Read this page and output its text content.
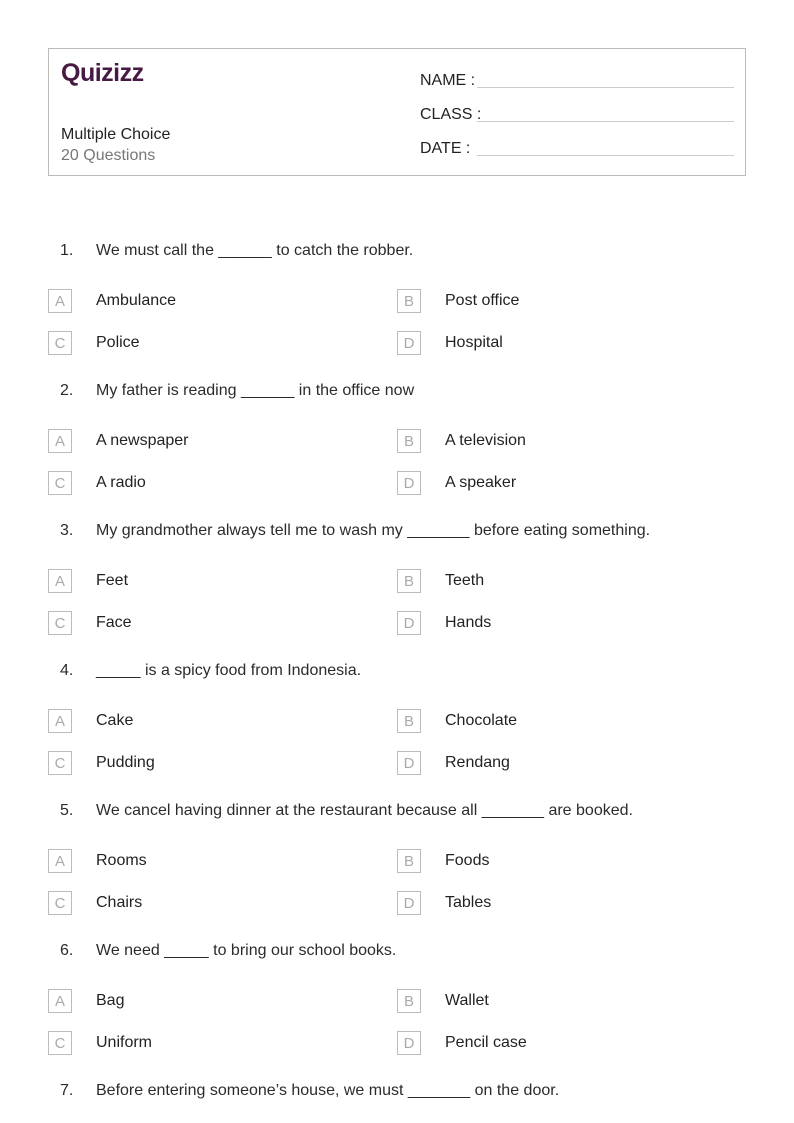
Quizizz
Multiple Choice
20 Questions
NAME :
CLASS :
DATE :
1. We must call the ______ to catch the robber.
A	Ambulance	B	Post office
C	Police	D	Hospital
2. My father is reading ______ in the office now
A	A newspaper	B	A television
C	A radio	D	A speaker
3. My grandmother always tell me to wash my _______ before eating something.
A	Feet	B	Teeth
C	Face	D	Hands
4. _____ is a spicy food from Indonesia.
A	Cake	B	Chocolate
C	Pudding	D	Rendang
5. We cancel having dinner at the restaurant because all _______ are booked.
A	Rooms	B	Foods
C	Chairs	D	Tables
6. We need _____ to bring our school books.
A	Bag	B	Wallet
C	Uniform	D	Pencil case
7. Before entering someone’s house, we must _______ on the door.
